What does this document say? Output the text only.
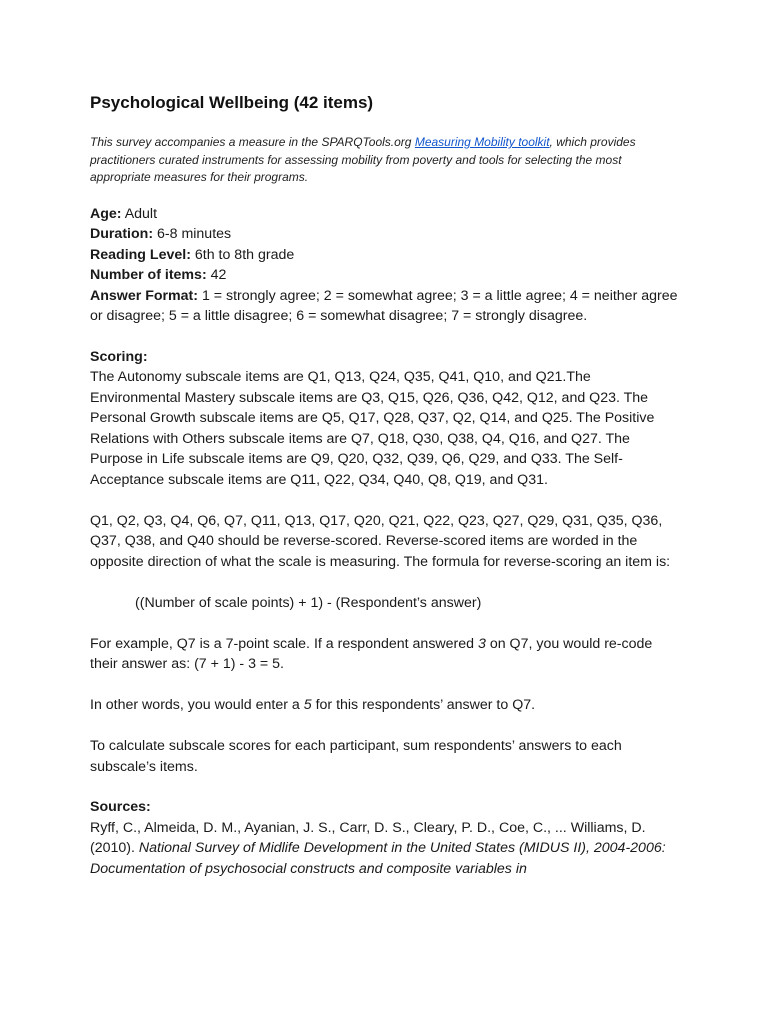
Psychological Wellbeing (42 items)

This survey accompanies a measure in the SPARQTools.org Measuring Mobility toolkit, which provides practitioners curated instruments for assessing mobility from poverty and tools for selecting the most appropriate measures for their programs.

Age: Adult

Duration: 6-8 minutes

Reading Level: 6th to 8th grade

Number of items: 42

Answer Format: 1 = strongly agree; 2 = somewhat agree; 3 = a little agree; 4 = neither agree or disagree; 5 = a little disagree; 6 = somewhat disagree; 7 = strongly disagree.

Scoring:

The Autonomy subscale items are Q1, Q13, Q24, Q35, Q41, Q10, and Q21.The Environmental Mastery subscale items are Q3, Q15, Q26, Q36, Q42, Q12, and Q23. The Personal Growth subscale items are Q5, Q17, Q28, Q37, Q2, Q14, and Q25. The Positive Relations with Others subscale items are Q7, Q18, Q30, Q38, Q4, Q16, and Q27. The Purpose in Life subscale items are Q9, Q20, Q32, Q39, Q6, Q29, and Q33. The Self-Acceptance subscale items are Q11, Q22, Q34, Q40, Q8, Q19, and Q31.

Q1, Q2, Q3, Q4, Q6, Q7, Q11, Q13, Q17, Q20, Q21, Q22, Q23, Q27, Q29, Q31, Q35, Q36, Q37, Q38, and Q40 should be reverse-scored. Reverse-scored items are worded in the opposite direction of what the scale is measuring. The formula for reverse-scoring an item is:

((Number of scale points) + 1) - (Respondent’s answer)

For example, Q7 is a 7-point scale. If a respondent answered 3 on Q7, you would re-code their answer as: (7 + 1) - 3 = 5.

In other words, you would enter a 5 for this respondents’ answer to Q7.

To calculate subscale scores for each participant, sum respondents’ answers to each subscale’s items.

Sources:

Ryff, C., Almeida, D. M., Ayanian, J. S., Carr, D. S., Cleary, P. D., Coe, C., ... Williams, D. (2010). National Survey of Midlife Development in the United States (MIDUS II), 2004-2006: Documentation of psychosocial constructs and composite variables in
